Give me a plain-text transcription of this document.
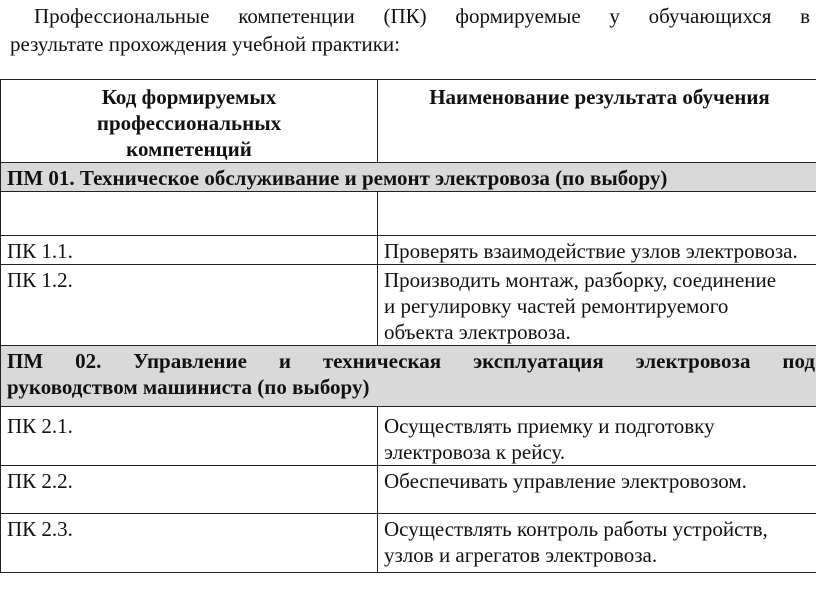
Профессиональные компетенции (ПК) формируемые у обучающихся в
результате прохождения учебной практики:
Код формируемых профессиональных компетенций	Наименование результата обучения
ПМ 01. Техническое обслуживание и ремонт электровоза (по выбору)	

ПК 1.1.	Проверять взаимодействие узлов электровоза.
ПК 1.2.	Производить монтаж, разборку, соединение и регулировку частей ремонтируемого объекта электровоза.

ПМ 02. Управление и техническая эксплуатация электровоза под
руководством машиниста (по выбору)	

ПК 2.1.	Осуществлять приемку и подготовку электровоза к рейсу.
ПК 2.2.	Обеспечивать управление электровозом.
ПК 2.3.	Осуществлять контроль работы устройств, узлов и агрегатов электровоза.
